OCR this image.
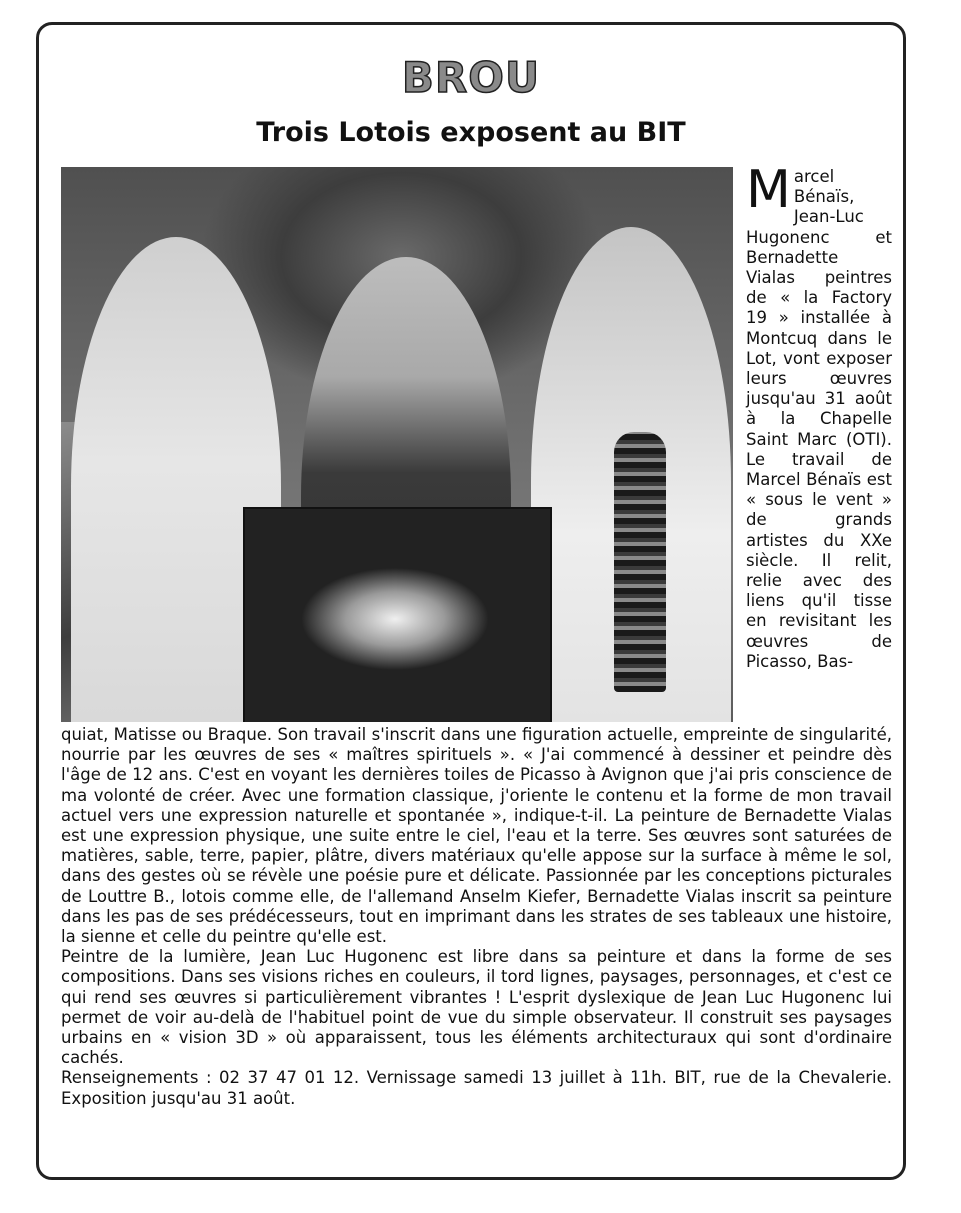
BROU
Trois Lotois exposent au BIT
Marcel Bénaïs, Jean-Luc Hugonenc et Bernadette Vialas peintres de « la Factory 19 » installée à Montcuq dans le Lot, vont exposer leurs œuvres jusqu'au 31 août à la Chapelle Saint Marc (OTI). Le travail de Marcel Bénaïs est « sous le vent » de grands artistes du XXe siècle. Il relit, relie avec des liens qu'il tisse en revisitant les œuvres de Picasso, Bas-

quiat, Matisse ou Braque. Son travail s'inscrit dans une figuration actuelle, empreinte de singularité, nourrie par les œuvres de ses « maîtres spirituels ». « J'ai commencé à dessiner et peindre dès l'âge de 12 ans. C'est en voyant les dernières toiles de Picasso à Avignon que j'ai pris conscience de ma volonté de créer. Avec une formation classique, j'oriente le contenu et la forme de mon travail actuel vers une expression naturelle et spontanée », indique-t-il. La peinture de Bernadette Vialas est une expression physique, une suite entre le ciel, l'eau et la terre. Ses œuvres sont saturées de matières, sable, terre, papier, plâtre, divers matériaux qu'elle appose sur la surface à même le sol, dans des gestes où se révèle une poésie pure et délicate. Passionnée par les conceptions picturales de Louttre B., lotois comme elle, de l'allemand Anselm Kiefer, Bernadette Vialas inscrit sa peinture dans les pas de ses prédécesseurs, tout en imprimant dans les strates de ses tableaux une histoire, la sienne et celle du peintre qu'elle est.

Peintre de la lumière, Jean Luc Hugonenc est libre dans sa peinture et dans la forme de ses compositions. Dans ses visions riches en couleurs, il tord lignes, paysages, personnages, et c'est ce qui rend ses œuvres si particulièrement vibrantes ! L'esprit dyslexique de Jean Luc Hugonenc lui permet de voir au-delà de l'habituel point de vue du simple observateur. Il construit ses paysages urbains en « vision 3D » où apparaissent, tous les éléments architecturaux qui sont d'ordinaire cachés.

Renseignements : 02 37 47 01 12. Vernissage samedi 13 juillet à 11h. BIT, rue de la Chevalerie. Exposition jusqu'au 31 août.
